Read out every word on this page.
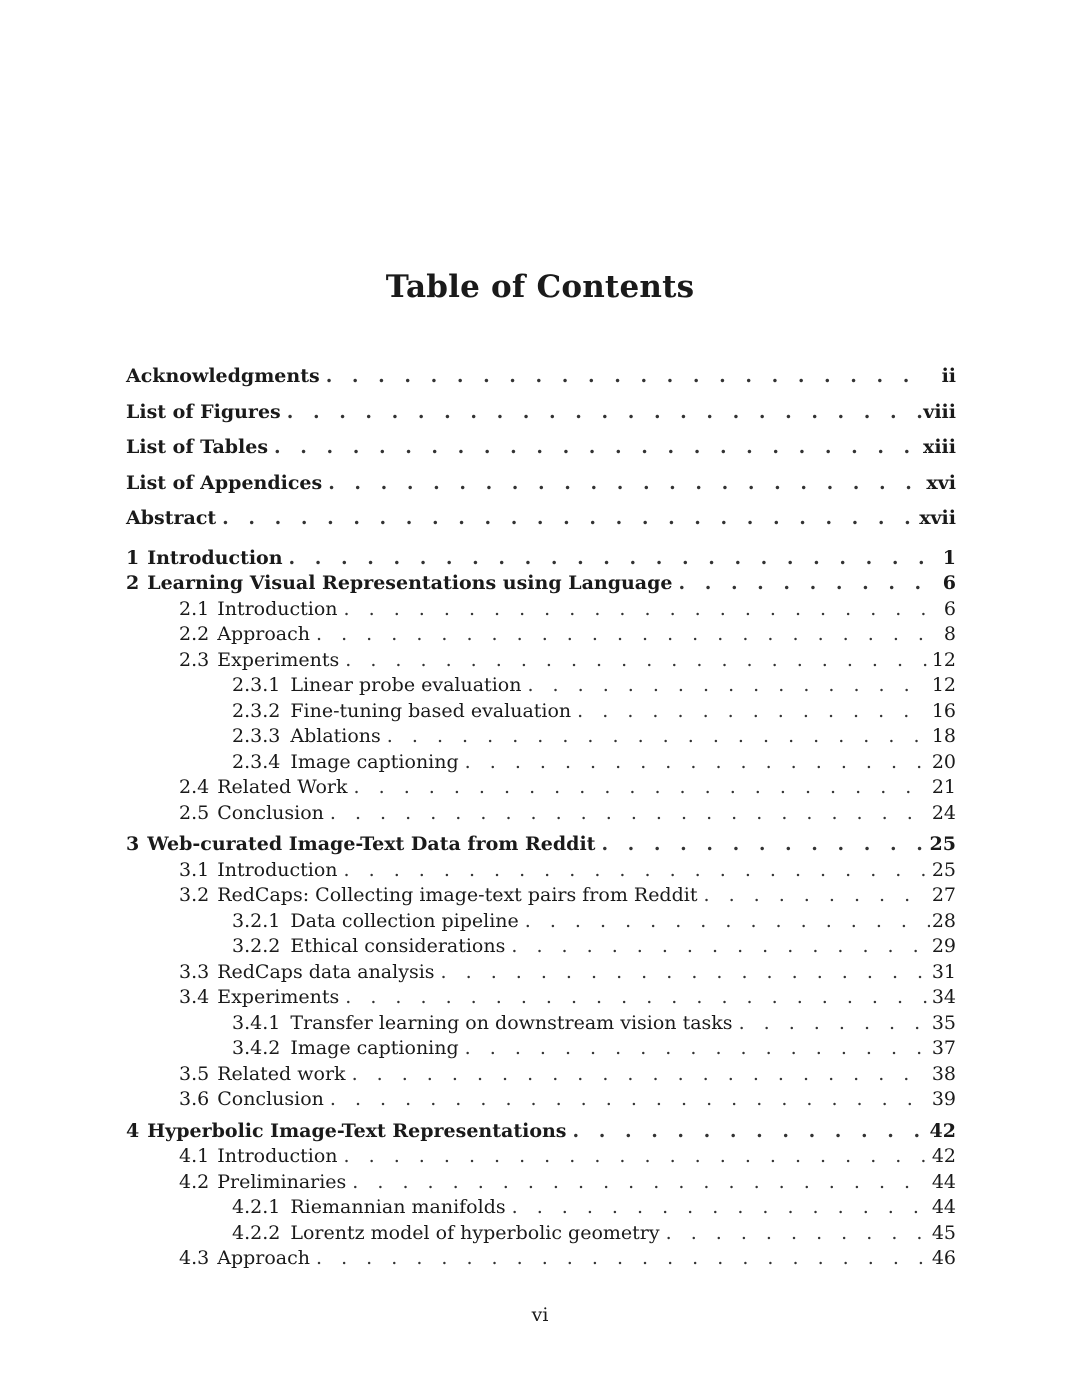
Table of Contents
Acknowledgments . . .	ii
List of Figures . . .	viii
List of Tables . . .	xiii
List of Appendices . . .	xvi
Abstract . . .	xvii
1 Introduction . . .	1
2 Learning Visual Representations using Language . . .	6
2.1 Introduction . . .	6
2.2 Approach . . .	8
2.3 Experiments . . .	12
2.3.1 Linear probe evaluation . . .	12
2.3.2 Fine-tuning based evaluation . . .	16
2.3.3 Ablations . . .	18
2.3.4 Image captioning . . .	20
2.4 Related Work . . .	21
2.5 Conclusion . . .	24
3 Web-curated Image-Text Data from Reddit . . .	25
3.1 Introduction . . .	25
3.2 RedCaps: Collecting image-text pairs from Reddit . . .	27
3.2.1 Data collection pipeline . . .	28
3.2.2 Ethical considerations . . .	29
3.3 RedCaps data analysis . . .	31
3.4 Experiments . . .	34
3.4.1 Transfer learning on downstream vision tasks . . .	35
3.4.2 Image captioning . . .	37
3.5 Related work . . .	38
3.6 Conclusion . . .	39
4 Hyperbolic Image-Text Representations . . .	42
4.1 Introduction . . .	42
4.2 Preliminaries . . .	44
4.2.1 Riemannian manifolds . . .	44
4.2.2 Lorentz model of hyperbolic geometry . . .	45
4.3 Approach . . .	46
vi
